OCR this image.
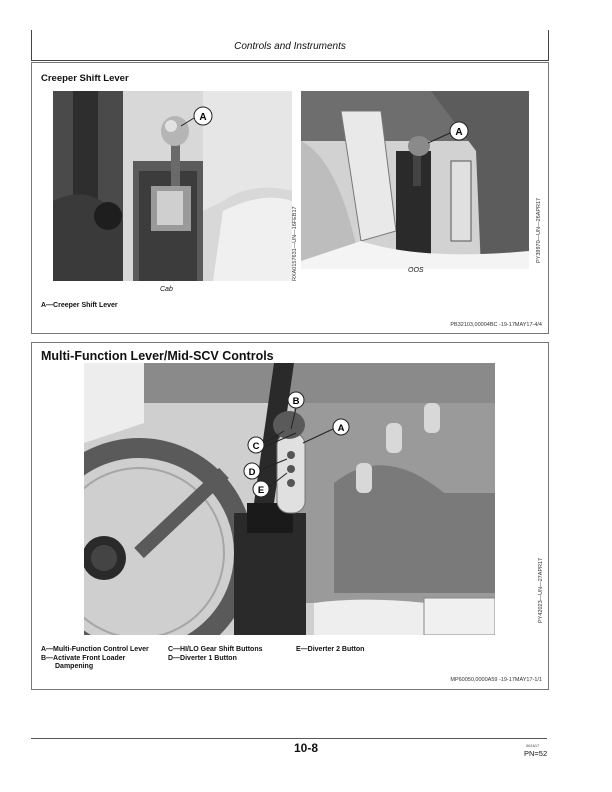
Controls and Instruments
Creeper Shift Lever
A
Cab
RXA0157631—UN—16FEB17
A
OOS
PY39970—UN—26APR17
A—Creeper Shift Lever
PB32103,00004BC -19-17MAY17-4/4
Multi-Function Lever/Mid-SCV Controls
B
A
C
D
E
PY42023—UN—27APR17
A—Multi-Function Control Lever
B—Activate Front Loader
Dampening
C—HI/LO Gear Shift Buttons
D—Diverter 1 Button
E—Diverter 2 Button
MP60050,0000A59 -19-17MAY17-1/1
10-8	061617
PN=52
